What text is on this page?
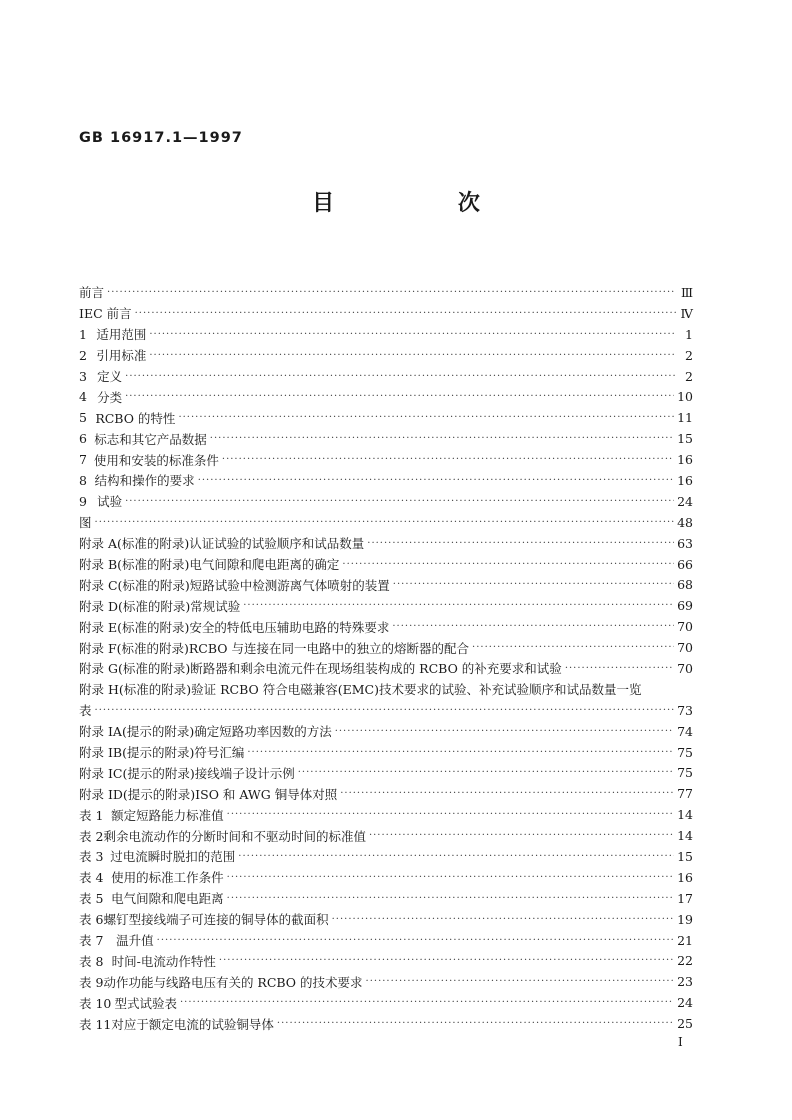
GB 16917.1—1997
目 次
前言 ·····	Ⅲ
IEC 前言 ·····	Ⅳ
1 适用范围 ·····	1
2 引用标准 ·····	2
3 定义 ·····	2
4 分类 ·····	10
5 RCBO 的特性 ·····	11
6 标志和其它产品数据 ·····	15
7 使用和安装的标准条件 ·····	16
8 结构和操作的要求 ·····	16
9 试验 ·····	24
图 ·····	48
附录 A(标准的附录)认证试验的试验顺序和试品数量 ·····	63
附录 B(标准的附录)电气间隙和爬电距离的确定 ·····	66
附录 C(标准的附录)短路试验中检测游离气体喷射的装置 ·····	68
附录 D(标准的附录)常规试验 ·····	69
附录 E(标准的附录)安全的特低电压辅助电路的特殊要求 ·····	70
附录 F(标准的附录)RCBO 与连接在同一电路中的独立的熔断器的配合 ·····	70
附录 G(标准的附录)断路器和剩余电流元件在现场组装构成的 RCBO 的补充要求和试验 ·····	70
附录 H(标准的附录)验证 RCBO 符合电磁兼容(EMC)技术要求的试验、补充试验顺序和试品数量一览
表 ·····	73
附录 IA(提示的附录)确定短路功率因数的方法 ·····	74
附录 IB(提示的附录)符号汇编 ·····	75
附录 IC(提示的附录)接线端子设计示例 ·····	75
附录 ID(提示的附录)ISO 和 AWG 铜导体对照 ·····	77
表 1 额定短路能力标准值 ·····	14
表 2 剩余电流动作的分断时间和不驱动时间的标准值 ·····	14
表 3 过电流瞬时脱扣的范围 ·····	15
表 4 使用的标准工作条件 ·····	16
表 5 电气间隙和爬电距离 ·····	17
表 6 螺钉型接线端子可连接的铜导体的截面积 ·····	19
表 7	温升值 ·····	21
表 8 时间-电流动作特性 ·····	22
表 9 动作功能与线路电压有关的 RCBO 的技术要求 ·····	23
表 10 型式试验表 ·····	24
表 11 对应于额定电流的试验铜导体 ·····	25
I
